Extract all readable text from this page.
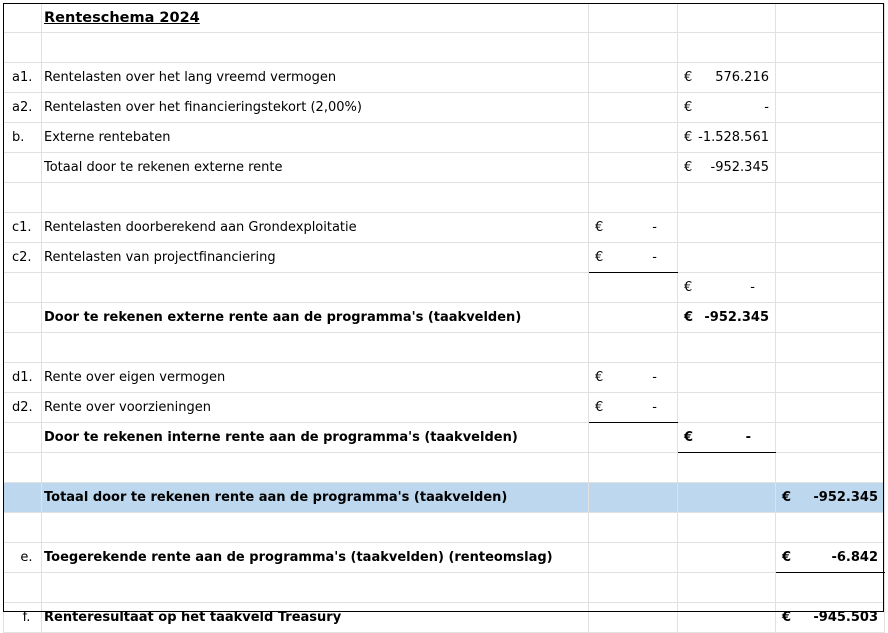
	Renteschema 2024			

a1.	Rentelasten over het lang vreemd vermogen		€ 576.216	

a2.	Rentelasten over het financieringstekort (2,00%)		€ -	

b.	Externe rentebaten		€ -1.528.561	

	Totaal door te rekenen externe rente		€ -952.345	

c1.	Rentelasten doorberekend aan Grondexploitatie	€ -		

c2.	Rentelasten van projectfinanciering	€ -		

			€ -	

	Door te rekenen externe rente aan de programma's (taakvelden)		€ -952.345	

d1.	Rente over eigen vermogen	€ -		

d2.	Rente over voorzieningen	€ -		

	Door te rekenen interne rente aan de programma's (taakvelden)		€ -	

	Totaal door te rekenen rente aan de programma's (taakvelden)			€ -952.345

e.	Toegerekende rente aan de programma's (taakvelden) (renteomslag)			€ -6.842

f.	Renteresultaat op het taakveld Treasury			€ -945.503
